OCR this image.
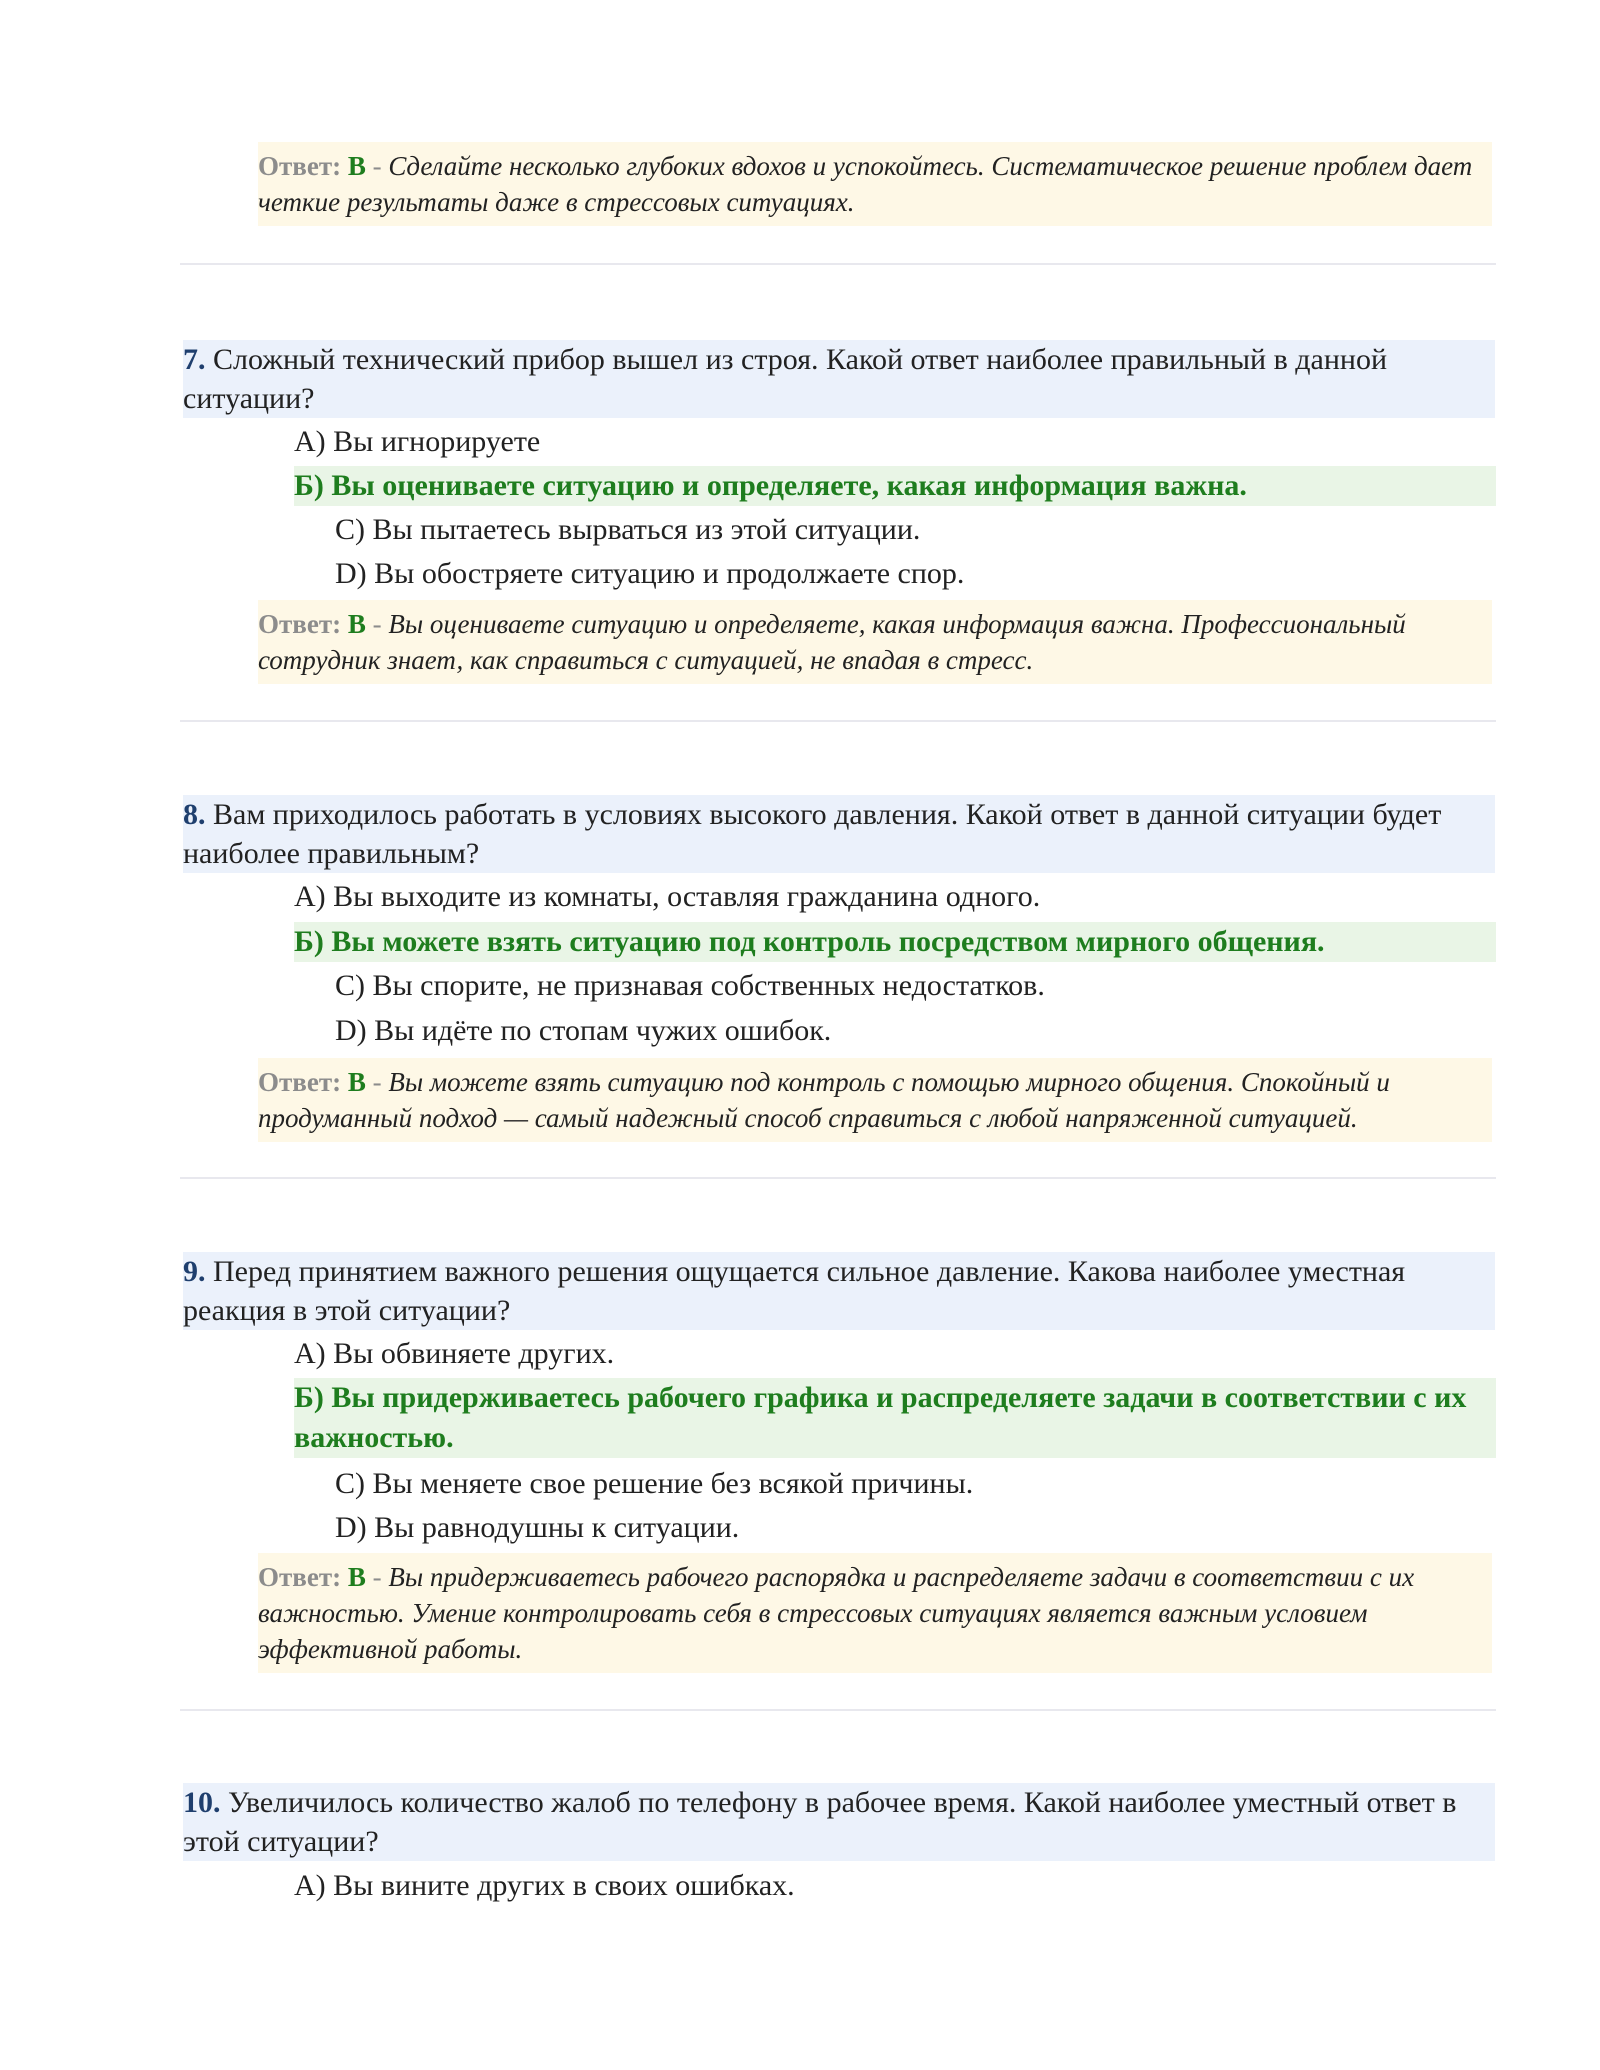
Ответ: B - Сделайте несколько глубоких вдохов и успокойтесь. Систематическое решение проблем дает четкие результаты даже в стрессовых ситуациях.
7. Сложный технический прибор вышел из строя. Какой ответ наиболее правильный в данной ситуации?
A) Вы игнорируете
Б) Вы оцениваете ситуацию и определяете, какая информация важна.
C) Вы пытаетесь вырваться из этой ситуации.
D) Вы обостряете ситуацию и продолжаете спор.
Ответ: B - Вы оцениваете ситуацию и определяете, какая информация важна. Профессиональный сотрудник знает, как справиться с ситуацией, не впадая в стресс.
8. Вам приходилось работать в условиях высокого давления. Какой ответ в данной ситуации будет наиболее правильным?
A) Вы выходите из комнаты, оставляя гражданина одного.
Б) Вы можете взять ситуацию под контроль посредством мирного общения.
C) Вы спорите, не признавая собственных недостатков.
D) Вы идёте по стопам чужих ошибок.
Ответ: B - Вы можете взять ситуацию под контроль с помощью мирного общения. Спокойный и продуманный подход — самый надежный способ справиться с любой напряженной ситуацией.
9. Перед принятием важного решения ощущается сильное давление. Какова наиболее уместная реакция в этой ситуации?
A) Вы обвиняете других.
Б) Вы придерживаетесь рабочего графика и распределяете задачи в соответствии с их важностью.
C) Вы меняете свое решение без всякой причины.
D) Вы равнодушны к ситуации.
Ответ: B - Вы придерживаетесь рабочего распорядка и распределяете задачи в соответствии с их важностью. Умение контролировать себя в стрессовых ситуациях является важным условием эффективной работы.
10. Увеличилось количество жалоб по телефону в рабочее время. Какой наиболее уместный ответ в этой ситуации?
A) Вы вините других в своих ошибках.
